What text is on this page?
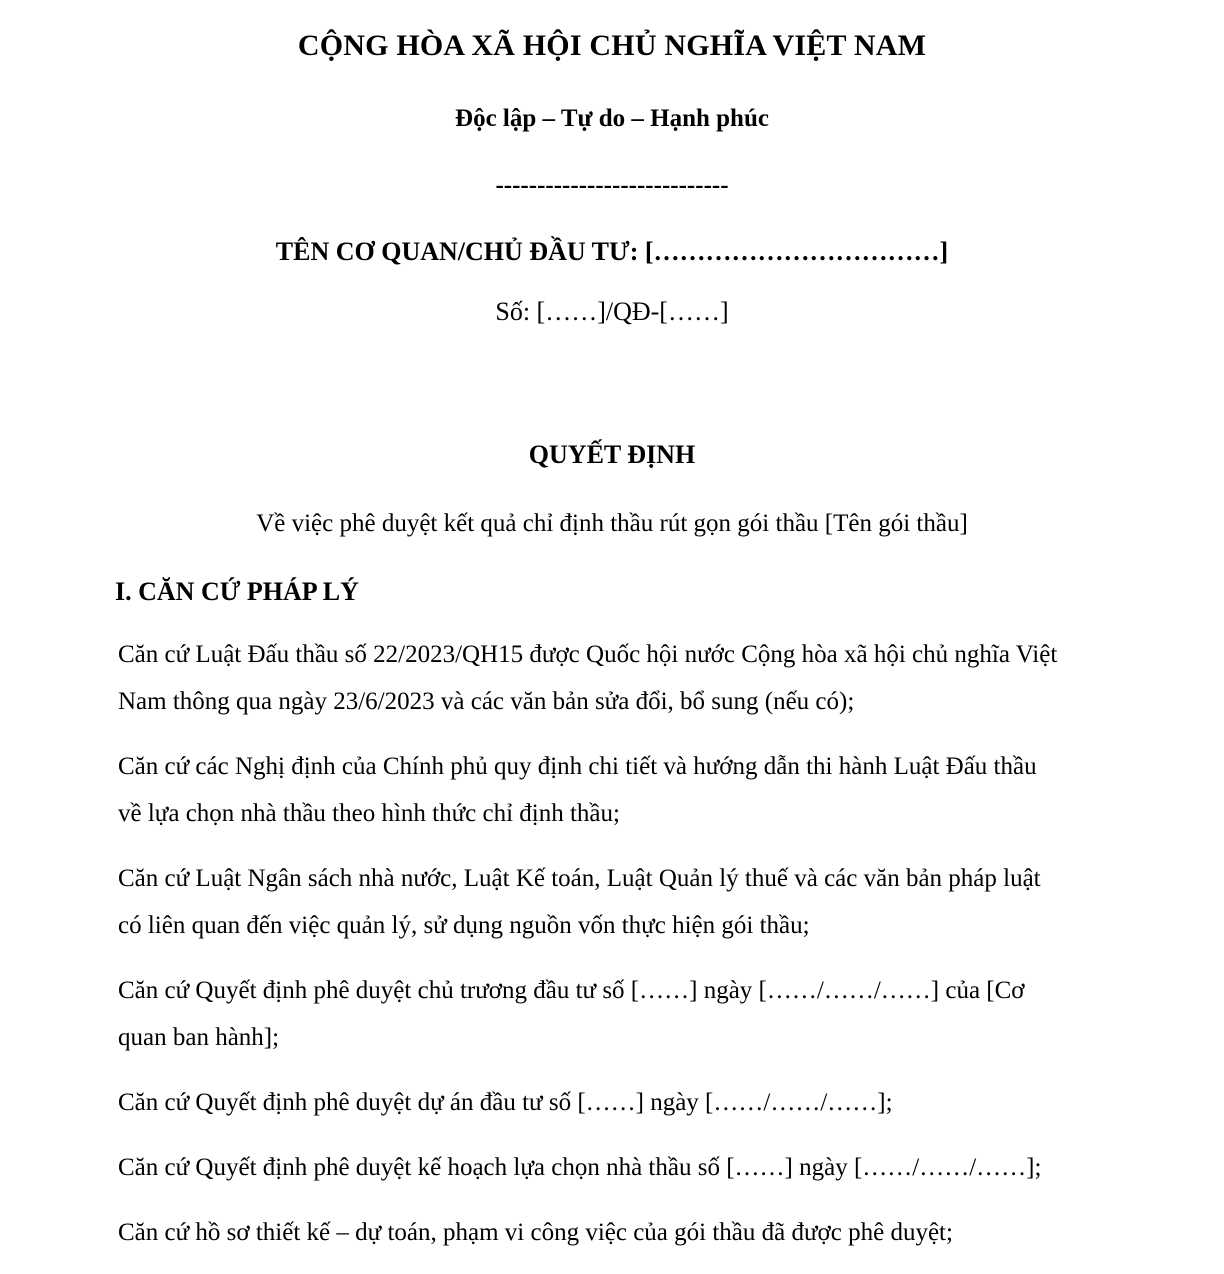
CỘNG HÒA XÃ HỘI CHỦ NGHĨA VIỆT NAM
Độc lập – Tự do – Hạnh phúc
----------------------------
TÊN CƠ QUAN/CHỦ ĐẦU TƯ: [……………………………]
Số: [……]/QĐ-[……]
QUYẾT ĐỊNH
Về việc phê duyệt kết quả chỉ định thầu rút gọn gói thầu [Tên gói thầu]
I. CĂN CỨ PHÁP LÝ

Căn cứ Luật Đấu thầu số 22/2023/QH15 được Quốc hội nước Cộng hòa xã hội chủ nghĩa Việt Nam thông qua ngày 23/6/2023 và các văn bản sửa đổi, bổ sung (nếu có);

Căn cứ các Nghị định của Chính phủ quy định chi tiết và hướng dẫn thi hành Luật Đấu thầu về lựa chọn nhà thầu theo hình thức chỉ định thầu;

Căn cứ Luật Ngân sách nhà nước, Luật Kế toán, Luật Quản lý thuế và các văn bản pháp luật có liên quan đến việc quản lý, sử dụng nguồn vốn thực hiện gói thầu;

Căn cứ Quyết định phê duyệt chủ trương đầu tư số [……] ngày [……/……/……] của [Cơ quan ban hành];

Căn cứ Quyết định phê duyệt dự án đầu tư số [……] ngày [……/……/……];

Căn cứ Quyết định phê duyệt kế hoạch lựa chọn nhà thầu số [……] ngày [……/……/……];

Căn cứ hồ sơ thiết kế – dự toán, phạm vi công việc của gói thầu đã được phê duyệt;
